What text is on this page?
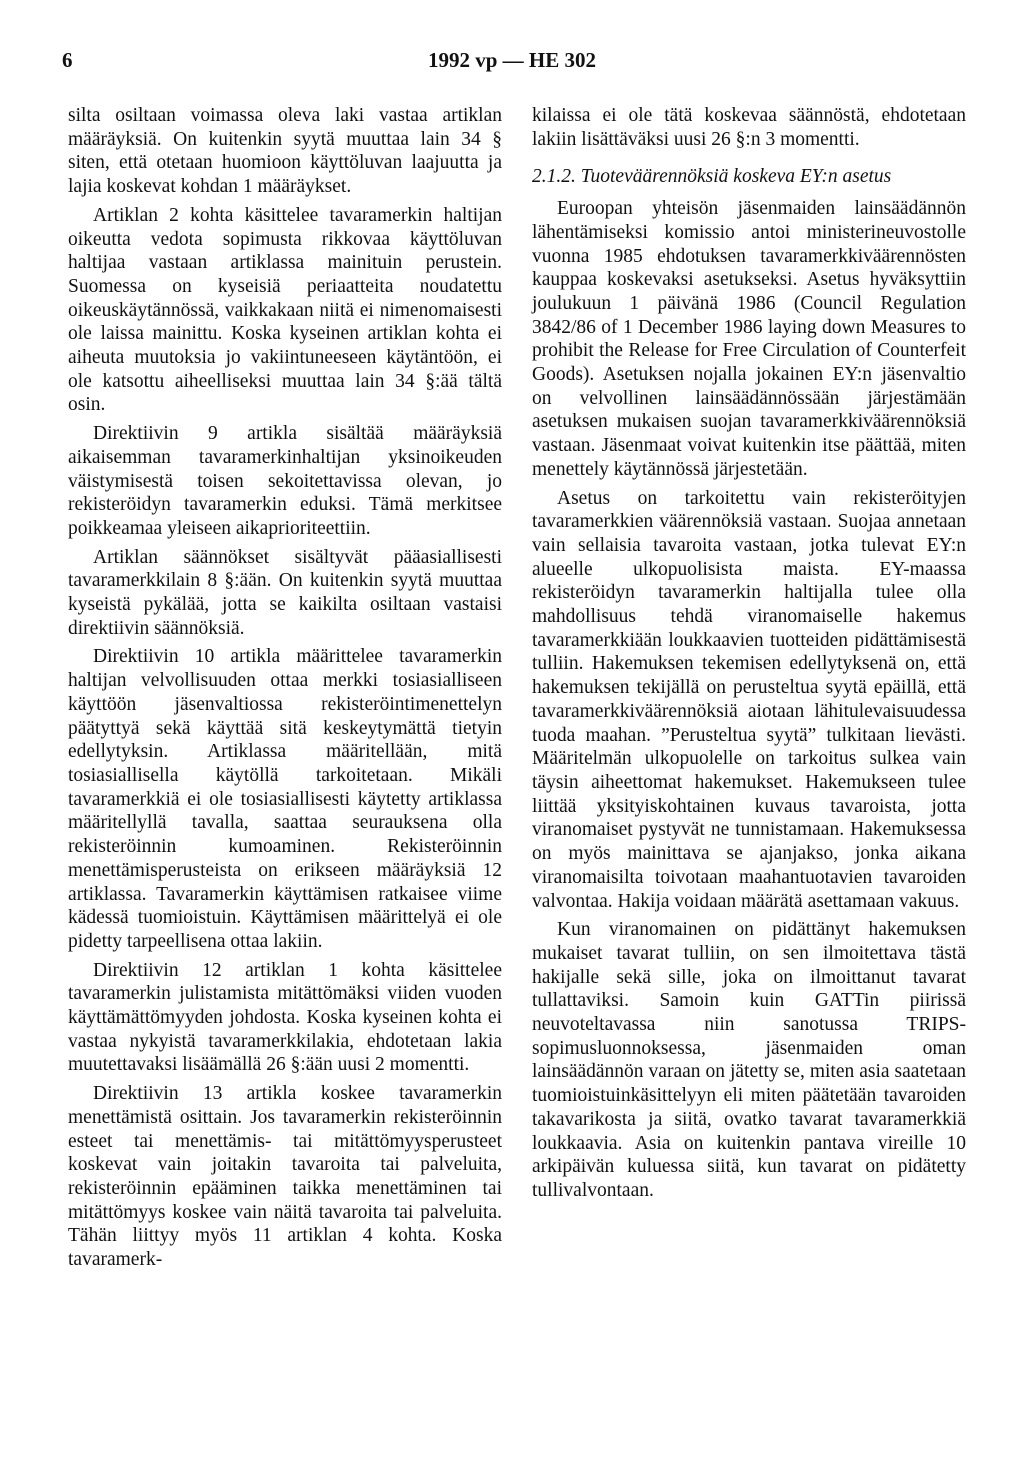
6	1992 vp — HE 302

silta osiltaan voimassa oleva laki vastaa artiklan määräyksiä. On kuitenkin syytä muuttaa lain 34 § siten, että otetaan huomioon käyttöluvan laajuutta ja lajia koskevat kohdan 1 määräykset.

Artiklan 2 kohta käsittelee tavaramerkin haltijan oikeutta vedota sopimusta rikkovaa käyttöluvan haltijaa vastaan artiklassa mainituin perustein. Suomessa on kyseisiä periaatteita noudatettu oikeuskäytännössä, vaikkakaan niitä ei nimenomaisesti ole laissa mainittu. Koska kyseinen artiklan kohta ei aiheuta muutoksia jo vakiintuneeseen käytäntöön, ei ole katsottu aiheelliseksi muuttaa lain 34 §:ää tältä osin.

Direktiivin 9 artikla sisältää määräyksiä aikaisemman tavaramerkinhaltijan yksinoikeuden väistymisestä toisen sekoitettavissa olevan, jo rekisteröidyn tavaramerkin eduksi. Tämä merkitsee poikkeamaa yleiseen aikaprioriteettiin.

Artiklan säännökset sisältyvät pääasiallisesti tavaramerkkilain 8 §:ään. On kuitenkin syytä muuttaa kyseistä pykälää, jotta se kaikilta osiltaan vastaisi direktiivin säännöksiä.

Direktiivin 10 artikla määrittelee tavaramerkin haltijan velvollisuuden ottaa merkki tosiasialliseen käyttöön jäsenvaltiossa rekisteröintimenettelyn päätyttyä sekä käyttää sitä keskeytymättä tietyin edellytyksin. Artiklassa määritellään, mitä tosiasiallisella käytöllä tarkoitetaan. Mikäli tavaramerkkiä ei ole tosiasiallisesti käytetty artiklassa määritellyllä tavalla, saattaa seurauksena olla rekisteröinnin kumoaminen. Rekisteröinnin menettämisperusteista on erikseen määräyksiä 12 artiklassa. Tavaramerkin käyttämisen ratkaisee viime kädessä tuomioistuin. Käyttämisen määrittelyä ei ole pidetty tarpeellisena ottaa lakiin.

Direktiivin 12 artiklan 1 kohta käsittelee tavaramerkin julistamista mitättömäksi viiden vuoden käyttämättömyyden johdosta. Koska kyseinen kohta ei vastaa nykyistä tavaramerkkilakia, ehdotetaan lakia muutettavaksi lisäämällä 26 §:ään uusi 2 momentti.

Direktiivin 13 artikla koskee tavaramerkin menettämistä osittain. Jos tavaramerkin rekisteröinnin esteet tai menettämis- tai mitättömyysperusteet koskevat vain joitakin tavaroita tai palveluita, rekisteröinnin epääminen taikka menettäminen tai mitättömyys koskee vain näitä tavaroita tai palveluita. Tähän liittyy myös 11 artiklan 4 kohta. Koska tavaramerk-

kilaissa ei ole tätä koskevaa säännöstä, ehdotetaan lakiin lisättäväksi uusi 26 §:n 3 momentti.

2.1.2. Tuoteväärennöksiä koskeva EY:n asetus

Euroopan yhteisön jäsenmaiden lainsäädännön lähentämiseksi komissio antoi ministerineuvostolle vuonna 1985 ehdotuksen tavaramerkkiväärennösten kauppaa koskevaksi asetukseksi. Asetus hyväksyttiin joulukuun 1 päivänä 1986 (Council Regulation 3842/86 of 1 December 1986 laying down Measures to prohibit the Release for Free Circulation of Counterfeit Goods). Asetuksen nojalla jokainen EY:n jäsenvaltio on velvollinen lainsäädännössään järjestämään asetuksen mukaisen suojan tavaramerkkiväärennöksiä vastaan. Jäsenmaat voivat kuitenkin itse päättää, miten menettely käytännössä järjestetään.

Asetus on tarkoitettu vain rekisteröityjen tavaramerkkien väärennöksiä vastaan. Suojaa annetaan vain sellaisia tavaroita vastaan, jotka tulevat EY:n alueelle ulkopuolisista maista. EY-maassa rekisteröidyn tavaramerkin haltijalla tulee olla mahdollisuus tehdä viranomaiselle hakemus tavaramerkkiään loukkaavien tuotteiden pidättämisestä tulliin. Hakemuksen tekemisen edellytyksenä on, että hakemuksen tekijällä on perusteltua syytä epäillä, että tavaramerkkiväärennöksiä aiotaan lähitulevaisuudessa tuoda maahan. ”Perusteltua syytä” tulkitaan lievästi. Määritelmän ulkopuolelle on tarkoitus sulkea vain täysin aiheettomat hakemukset. Hakemukseen tulee liittää yksityiskohtainen kuvaus tavaroista, jotta viranomaiset pystyvät ne tunnistamaan. Hakemuksessa on myös mainittava se ajanjakso, jonka aikana viranomaisilta toivotaan maahantuotavien tavaroiden valvontaa. Hakija voidaan määrätä asettamaan vakuus.

Kun viranomainen on pidättänyt hakemuksen mukaiset tavarat tulliin, on sen ilmoitettava tästä hakijalle sekä sille, joka on ilmoittanut tavarat tullattaviksi. Samoin kuin GATTin piirissä neuvoteltavassa niin sanotussa TRIPS-sopimusluonnoksessa, jäsenmaiden oman lainsäädännön varaan on jätetty se, miten asia saatetaan tuomioistuinkäsittelyyn eli miten päätetään tavaroiden takavarikosta ja siitä, ovatko tavarat tavaramerkkiä loukkaavia. Asia on kuitenkin pantava vireille 10 arkipäivän kuluessa siitä, kun tavarat on pidätetty tullivalvontaan.
